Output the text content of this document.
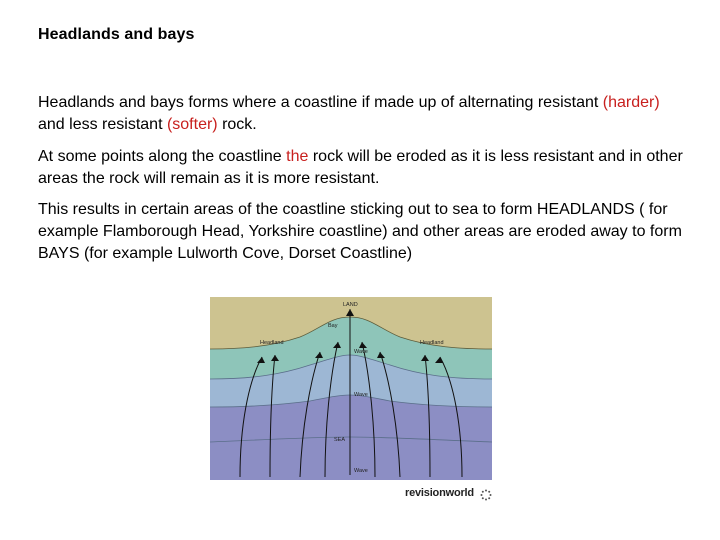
Headlands and bays

Headlands and bays forms where a coastline if made up of alternating resistant (harder) and less resistant (softer) rock.

At some points along the coastline the rock will be eroded as it is less resistant and in other areas the rock will remain as it is more resistant.

This results in certain areas of the coastline sticking out to sea to form HEADLANDS ( for example Flamborough Head, Yorkshire coastline) and other areas are eroded away to form BAYS (for example Lulworth Cove, Dorset Coastline)

LAND
Bay
Headland	Headland
Wave
Wave
SEA
Wave
revisionworld
